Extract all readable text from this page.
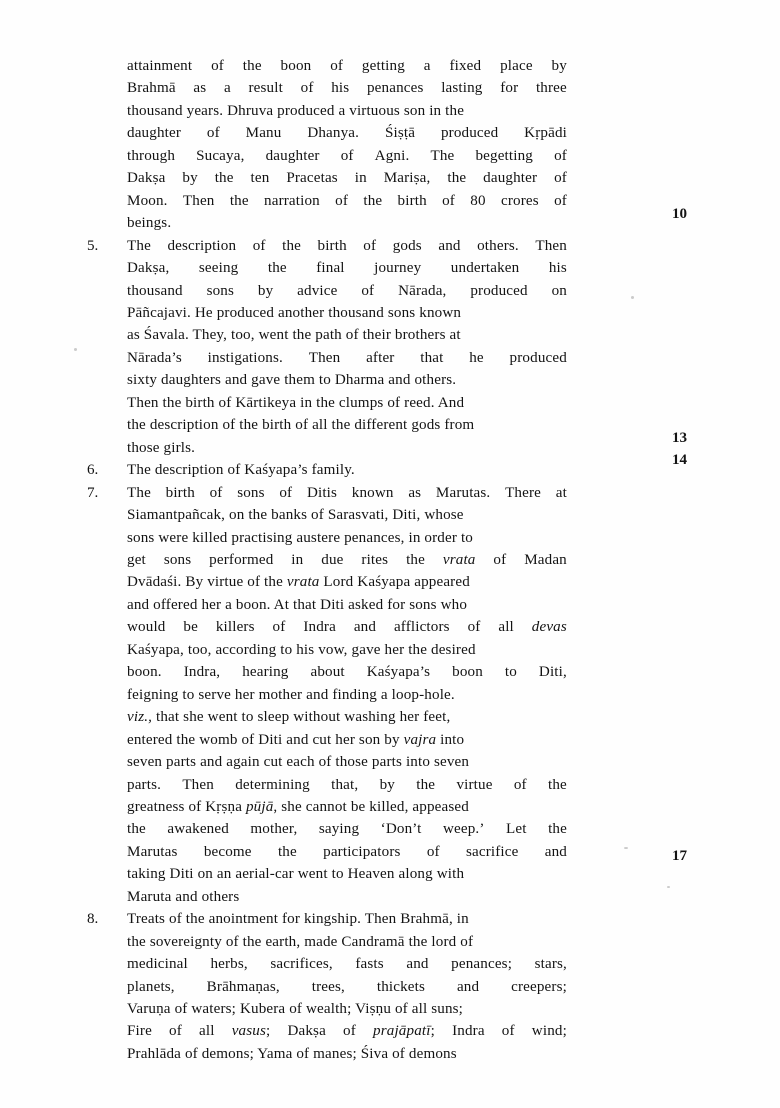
attainment of the boon of getting a fixed place by
Brahmā as a result of his penances lasting for three
thousand years. Dhruva produced a virtuous son in the
daughter of Manu Dhanya. Śiṣṭā produced Kṛpādi
through Sucaya, daughter of Agni. The begetting of
Dakṣa by the ten Pracetas in Mariṣa, the daughter of
Moon. Then the narration of the birth of 80 crores of
beings.
5.	The description of the birth of gods and others. Then
Dakṣa, seeing the final journey undertaken his
thousand sons by advice of Nārada, produced on
Pāñcajavi. He produced another thousand sons known
as Śavala. They, too, went the path of their brothers at
Nārada’s instigations. Then after that he produced
sixty daughters and gave them to Dharma and others.
Then the birth of Kārtikeya in the clumps of reed. And
the description of the birth of all the different gods from
those girls.
6.	The description of Kaśyapa’s family.
7.	The birth of sons of Ditis known as Marutas. There at
Siamantpañcak, on the banks of Sarasvati, Diti, whose
sons were killed practising austere penances, in order to
get sons performed in due rites the vrata of Madan
Dvādaśi. By virtue of the vrata Lord Kaśyapa appeared
and offered her a boon. At that Diti asked for sons who
would be killers of Indra and afflictors of all devas
Kaśyapa, too, according to his vow, gave her the desired
boon. Indra, hearing about Kaśyapa’s boon to Diti,
feigning to serve her mother and finding a loop-hole.
viz., that she went to sleep without washing her feet,
entered the womb of Diti and cut her son by vajra into
seven parts and again cut each of those parts into seven
parts. Then determining that, by the virtue of the
greatness of Kṛṣṇa pūjā, she cannot be killed, appeased
the awakened mother, saying ‘Don’t weep.’ Let the
Marutas become the participators of sacrifice and
taking Diti on an aerial-car went to Heaven along with
Maruta and others
8.	Treats of the anointment for kingship. Then Brahmā, in
the sovereignty of the earth, made Candramā the lord of
medicinal herbs, sacrifices, fasts and penances; stars,
planets, Brāhmaṇas, trees, thickets and creepers;
Varuṇa of waters; Kubera of wealth; Viṣṇu of all suns;
Fire of all vasus; Dakṣa of prajāpatī; Indra of wind;
Prahlāda of demons; Yama of manes; Śiva of demons
10
13
14
17
